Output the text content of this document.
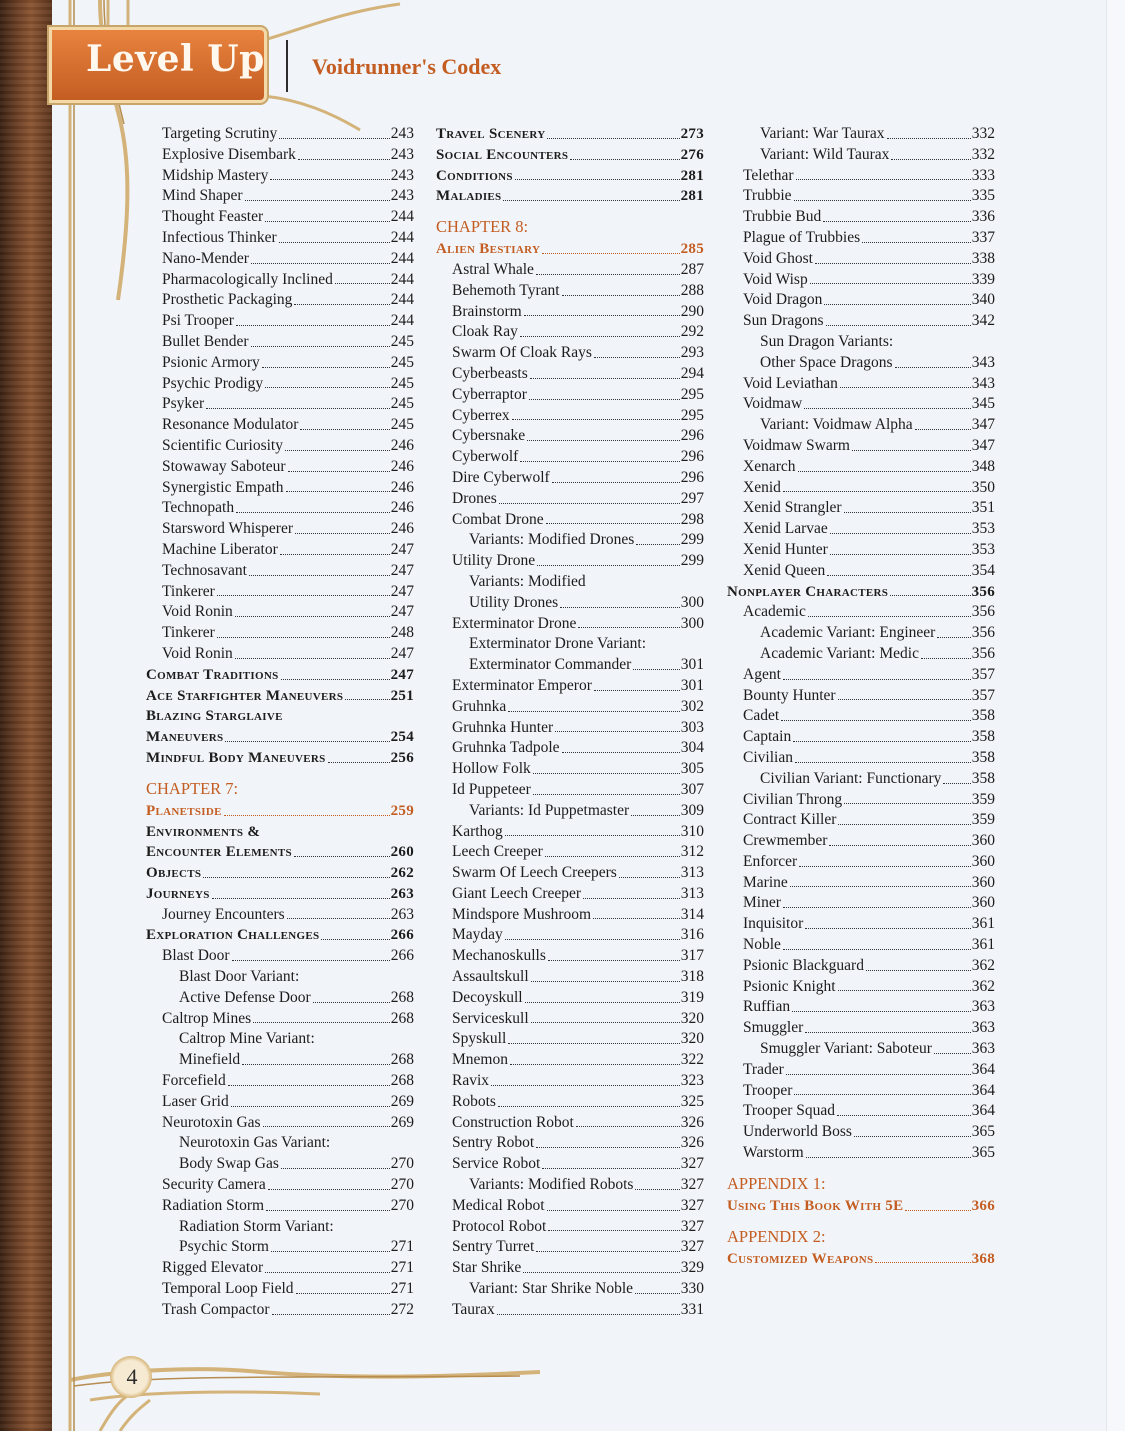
Level Up Voidrunner's Codex
Targeting Scrutiny	243
Explosive Disembark	243
Midship Mastery	243
Mind Shaper	243
Thought Feaster	244
Infectious Thinker	244
Nano-Mender	244
Pharmacologically Inclined	244
Prosthetic Packaging	244
Psi Trooper	244
Bullet Bender	245
Psionic Armory	245
Psychic Prodigy	245
Psyker	245
Resonance Modulator	245
Scientific Curiosity	246
Stowaway Saboteur	246
Synergistic Empath	246
Technopath	246
Starsword Whisperer	246
Machine Liberator	247
Technosavant	247
Tinkerer	247
Void Ronin	247
Tinkerer	248
Void Ronin	247
Combat Traditions	247
Ace Starfighter Maneuvers	251
Blazing Starglaive
Maneuvers	254
Mindful Body Maneuvers	256
CHAPTER 7:
Planetside	259
Environments &
Encounter Elements	260
Objects	262
Journeys	263
Journey Encounters	263
Exploration Challenges	266
Blast Door	266
Blast Door Variant:
Active Defense Door	268
Caltrop Mines	268
Caltrop Mine Variant:
Minefield	268
Forcefield	268
Laser Grid	269
Neurotoxin Gas	269
Neurotoxin Gas Variant:
Body Swap Gas	270
Security Camera	270
Radiation Storm	270
Radiation Storm Variant:
Psychic Storm	271
Rigged Elevator	271
Temporal Loop Field	271
Trash Compactor	272
Travel Scenery	273
Social Encounters	276
Conditions	281
Maladies	281
CHAPTER 8:
Alien Bestiary	285
Astral Whale	287
Behemoth Tyrant	288
Brainstorm	290
Cloak Ray	292
Swarm Of Cloak Rays	293
Cyberbeasts	294
Cyberraptor	295
Cyberrex	295
Cybersnake	296
Cyberwolf	296
Dire Cyberwolf	296
Drones	297
Combat Drone	298
Variants: Modified Drones	299
Utility Drone	299
Variants: Modified
Utility Drones	300
Exterminator Drone	300
Exterminator Drone Variant:
Exterminator Commander	301
Exterminator Emperor	301
Gruhnka	302
Gruhnka Hunter	303
Gruhnka Tadpole	304
Hollow Folk	305
Id Puppeteer	307
Variants: Id Puppetmaster	309
Karthog	310
Leech Creeper	312
Swarm Of Leech Creepers	313
Giant Leech Creeper	313
Mindspore Mushroom	314
Mayday	316
Mechanoskulls	317
Assaultskull	318
Decoyskull	319
Serviceskull	320
Spyskull	320
Mnemon	322
Ravix	323
Robots	325
Construction Robot	326
Sentry Robot	326
Service Robot	327
Variants: Modified Robots	327
Medical Robot	327
Protocol Robot	327
Sentry Turret	327
Star Shrike	329
Variant: Star Shrike Noble	330
Taurax	331
Variant: War Taurax	332
Variant: Wild Taurax	332
Telethar	333
Trubbie	335
Trubbie Bud	336
Plague of Trubbies	337
Void Ghost	338
Void Wisp	339
Void Dragon	340
Sun Dragons	342
Sun Dragon Variants:
Other Space Dragons	343
Void Leviathan	343
Voidmaw	345
Variant: Voidmaw Alpha	347
Voidmaw Swarm	347
Xenarch	348
Xenid	350
Xenid Strangler	351
Xenid Larvae	353
Xenid Hunter	353
Xenid Queen	354
Nonplayer Characters	356
Academic	356
Academic Variant: Engineer 356
Academic Variant: Medic	356
Agent	357
Bounty Hunter	357
Cadet	358
Captain	358
Civilian	358
Civilian Variant: Functionary 358
Civilian Throng	359
Contract Killer	359
Crewmember	360
Enforcer	360
Marine	360
Miner	360
Inquisitor	361
Noble	361
Psionic Blackguard	362
Psionic Knight	362
Ruffian	363
Smuggler	363
Smuggler Variant: Saboteur	363
Trader	364
Trooper	364
Trooper Squad	364
Underworld Boss	365
Warstorm	365
APPENDIX 1:
Using This Book With 5E	366
APPENDIX 2:
Customized Weapons	368
4
